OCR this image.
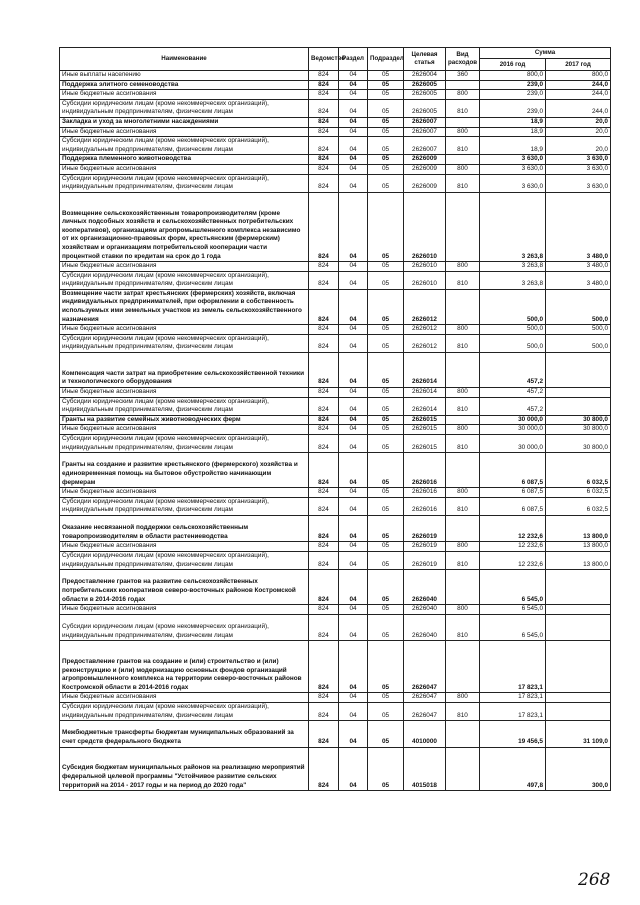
Наименование	Ведомство	Раздел	Подраздел	Целевая статья	Вид расходов	Сумма	
						2016 год	2017 год
Иные выплаты населению	824	04	05	2626004	360	800,0	800,0
Поддержка элитного семеноводства	824	04	05	2626005		239,0	244,0
Иные бюджетные ассигнования	824	04	05	2626005	800	239,0	244,0
Субсидии юридическим лицам (кроме некоммерческих организаций), индивидуальным предпринимателям, физическим лицам	824	04	05	2626005	810	239,0	244,0
Закладка и уход за многолетними насаждениями	824	04	05	2626007		18,9	20,0
Иные бюджетные ассигнования	824	04	05	2626007	800	18,9	20,0
Субсидии юридическим лицам (кроме некоммерческих организаций), индивидуальным предпринимателям, физическим лицам	824	04	05	2626007	810	18,9	20,0
Поддержка племенного животноводства	824	04	05	2626009		3 630,0	3 630,0
Иные бюджетные ассигнования	824	04	05	2626009	800	3 630,0	3 630,0
Субсидии юридическим лицам (кроме некоммерческих организаций), индивидуальным предпринимателям, физическим лицам	824	04	05	2626009	810	3 630,0	3 630,0
Возмещение сельскохозяйственным товаропроизводителям (кроме личных подсобных хозяйств и сельскохозяйственных потребительских кооперативов), организациям агропромышленного комплекса независимо от их организационно-правовых форм, крестьянским (фермерским) хозяйствам и организациям потребительской кооперации части процентной ставки по кредитам на срок до 1 года	824	04	05	2626010		3 263,8	3 480,0
Иные бюджетные ассигнования	824	04	05	2626010	800	3 263,8	3 480,0
Субсидии юридическим лицам (кроме некоммерческих организаций), индивидуальным предпринимателям, физическим лицам	824	04	05	2626010	810	3 263,8	3 480,0
Возмещение части затрат крестьянских (фермерских) хозяйств, включая индивидуальных предпринимателей, при оформлении в собственность используемых ими земельных участков из земель сельскохозяйственного назначения	824	04	05	2626012		500,0	500,0
Иные бюджетные ассигнования	824	04	05	2626012	800	500,0	500,0
Субсидии юридическим лицам (кроме некоммерческих организаций), индивидуальным предпринимателям, физическим лицам	824	04	05	2626012	810	500,0	500,0
Компенсация части затрат на приобретение сельскохозяйственной техники и технологического оборудования	824	04	05	2626014		457,2	
Иные бюджетные ассигнования	824	04	05	2626014	800	457,2	
Субсидии юридическим лицам (кроме некоммерческих организаций), индивидуальным предпринимателям, физическим лицам	824	04	05	2626014	810	457,2	
Гранты на развитие семейных животноводческих ферм	824	04	05	2626015		30 000,0	30 800,0
Иные бюджетные ассигнования	824	04	05	2626015	800	30 000,0	30 800,0
Субсидии юридическим лицам (кроме некоммерческих организаций), индивидуальным предпринимателям, физическим лицам	824	04	05	2626015	810	30 000,0	30 800,0
Гранты на создание и развитие крестьянского (фермерского) хозяйства и единовременная помощь на бытовое обустройство начинающим фермерам	824	04	05	2626016		6 087,5	6 032,5
Иные бюджетные ассигнования	824	04	05	2626016	800	6 087,5	6 032,5
Субсидии юридическим лицам (кроме некоммерческих организаций), индивидуальным предпринимателям, физическим лицам	824	04	05	2626016	810	6 087,5	6 032,5
Оказание несвязанной поддержки сельскохозяйственным товаропроизводителям в области растениеводства	824	04	05	2626019		12 232,6	13 800,0
Иные бюджетные ассигнования	824	04	05	2626019	800	12 232,6	13 800,0
Субсидии юридическим лицам (кроме некоммерческих организаций), индивидуальным предпринимателям, физическим лицам	824	04	05	2626019	810	12 232,6	13 800,0
Предоставление грантов на развитие сельскохозяйственных потребительских кооперативов северо-восточных районов Костромской области в 2014-2016 годах	824	04	05	2626040		6 545,0	
Иные бюджетные ассигнования	824	04	05	2626040	800	6 545,0	
Субсидии юридическим лицам (кроме некоммерческих организаций), индивидуальным предпринимателям, физическим лицам	824	04	05	2626040	810	6 545,0	
Предоставление грантов на создание и (или) строительство и (или) реконструкцию и (или) модернизацию основных фондов организаций агропромышленного комплекса на территории северо-восточных районов Костромской области в 2014-2016 годах	824	04	05	2626047		17 823,1	
Иные бюджетные ассигнования	824	04	05	2626047	800	17 823,1	
Субсидии юридическим лицам (кроме некоммерческих организаций), индивидуальным предпринимателям, физическим лицам	824	04	05	2626047	810	17 823,1	
Межбюджетные трансферты бюджетам муниципальных образований за счет средств федерального бюджета	824	04	05	4010000		19 456,5	31 109,0
Субсидия бюджетам муниципальных районов на реализацию мероприятий федеральной целевой программы "Устойчивое развитие сельских территорий на 2014 - 2017 годы и на период до 2020 года"	824	04	05	4015018		497,8	300,0
268
